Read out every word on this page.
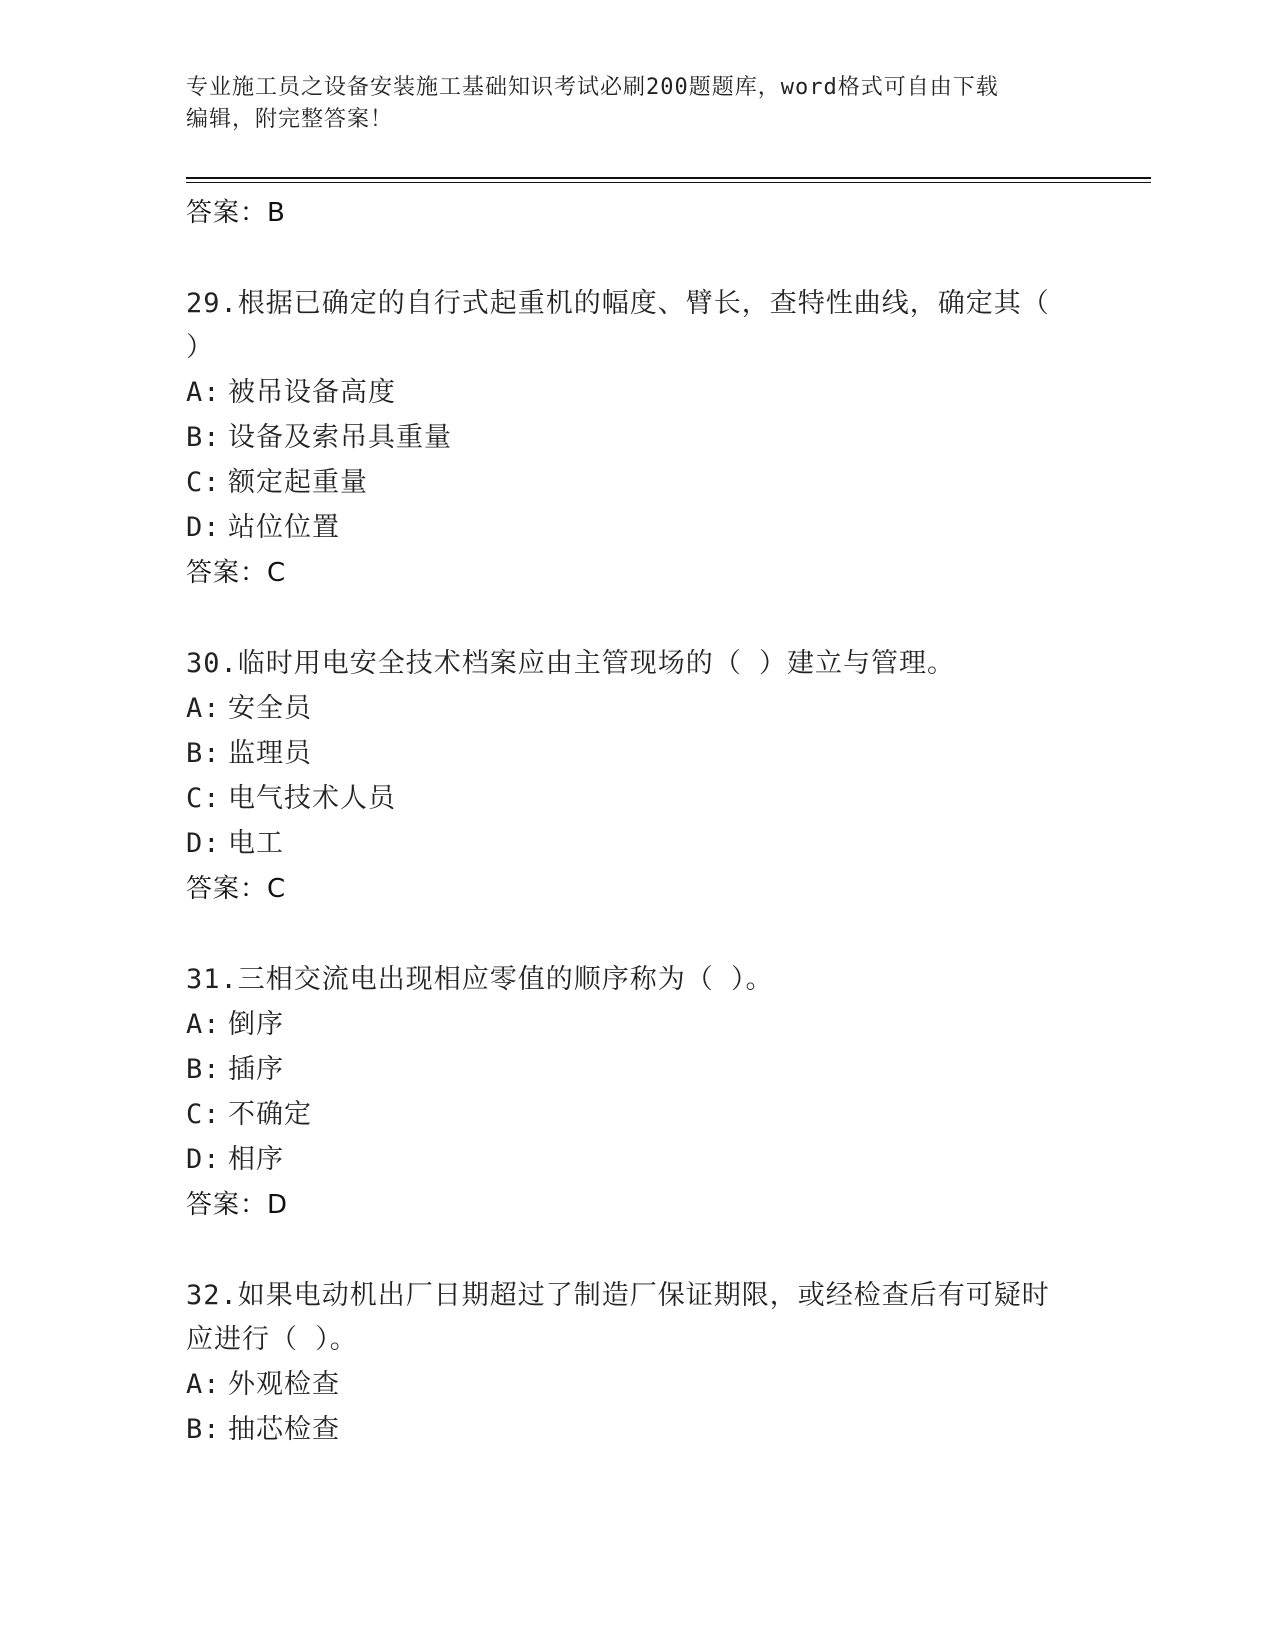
专业施工员之设备安装施工基础知识考试必刷200题题库，word格式可自由下载
编辑，附完整答案！
答案：B
29.根据已确定的自行式起重机的幅度、臂长，查特性曲线，确定其（
）
A: 被吊设备高度
B: 设备及索吊具重量
C: 额定起重量
D: 站位位置
答案：C
30.临时用电安全技术档案应由主管现场的（ ）建立与管理。
A: 安全员
B: 监理员
C: 电气技术人员
D: 电工
答案：C
31.三相交流电出现相应零值的顺序称为（ ）。
A: 倒序
B: 插序
C: 不确定
D: 相序
答案：D
32.如果电动机出厂日期超过了制造厂保证期限，或经检查后有可疑时
应进行（ ）。
A: 外观检查
B: 抽芯检查
